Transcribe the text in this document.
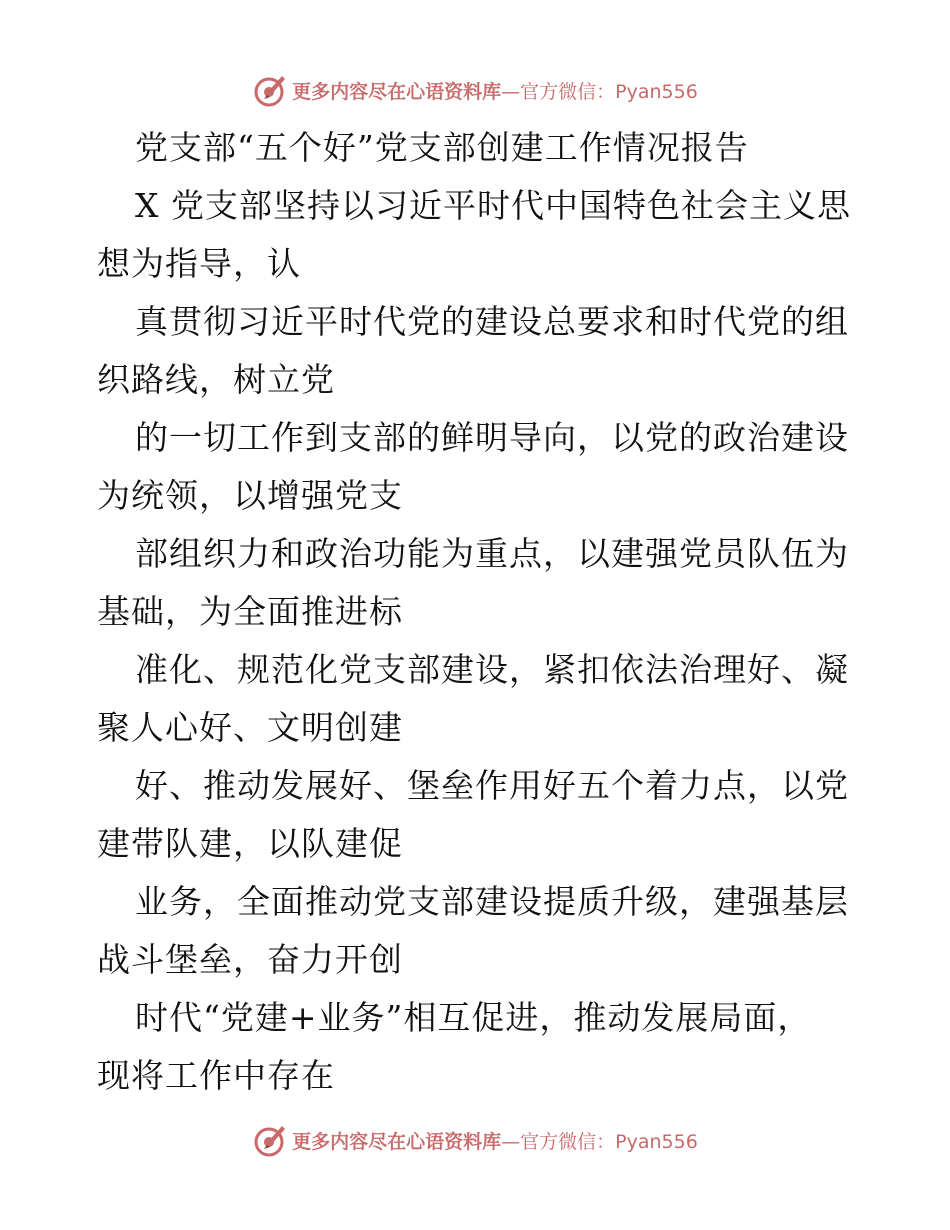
更多内容尽在心语资料库 —官方微信：Pyan556
党支部“五个好”党支部创建工作情况报告
X 党支部坚持以习近平时代中国特色社会主义思
想为指导，认
真贯彻习近平时代党的建设总要求和时代党的组
织路线，树立党
的一切工作到支部的鲜明导向，以党的政治建设
为统领，以增强党支
部组织力和政治功能为重点，以建强党员队伍为
基础，为全面推进标
准化、规范化党支部建设，紧扣依法治理好、凝
聚人心好、文明创建
好、推动发展好、堡垒作用好五个着力点，以党
建带队建，以队建促
业务，全面推动党支部建设提质升级，建强基层
战斗堡垒，奋力开创
时代“党建+业务”相互促进，推动发展局面，
现将工作中存在
更多内容尽在心语资料库 —官方微信：Pyan556
